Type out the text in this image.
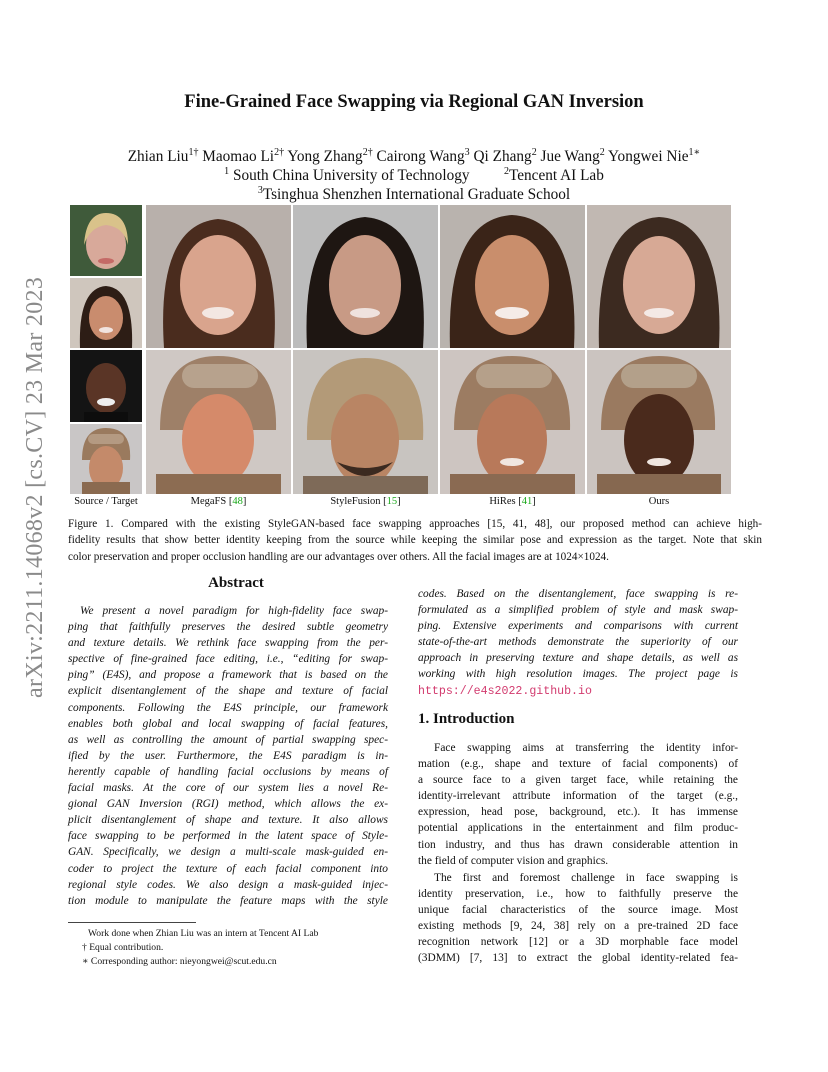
arXiv:2211.14068v2 [cs.CV] 23 Mar 2023
Fine-Grained Face Swapping via Regional GAN Inversion
Zhian Liu$^{1\dagger}$ Maomao $Li^{2\dagger}$ Yong Zhang$^{2\dagger}$ Cairong Wang$^3$ Qi Zhang$^2$ Jue Wang$^2$ Yongwei Nie$^{1∗}$
$^1$ South China University of Technology	$^2$Tencent AI Lab
$^3$Tsinghua Shenzhen International Graduate School
Source / Target	MegaFS [48]	StyleFusion [15]	HiRes [41]	Ours
Figure 1. Compared with the existing StyleGAN-based face swapping approaches [15, 41, 48], our proposed method can achieve high-
fidelity results that show better identity keeping from the source while keeping the similar pose and expression as the target. Note that skin
color preservation and proper occlusion handling are our advantages over others. All the facial images are at 1024×1024.
Abstract
We present a novel paradigm for high-fidelity face swap-
ping that faithfully preserves the desired subtle geometry
and texture details. We rethink face swapping from the per-
spective of fine-grained face editing, i.e., “editing for swap-
ping” (E4S), and propose a framework that is based on the
explicit disentanglement of the shape and texture of facial
components. Following the E4S principle, our framework
enables both global and local swapping of facial features,
as well as controlling the amount of partial swapping spec-
ified by the user. Furthermore, the E4S paradigm is in-
herently capable of handling facial occlusions by means of
facial masks. At the core of our system lies a novel Re-
gional GAN Inversion (RGI) method, which allows the ex-
plicit disentanglement of shape and texture. It also allows
face swapping to be performed in the latent space of Style-
GAN. Specifically, we design a multi-scale mask-guided en-
coder to project the texture of each facial component into
regional style codes. We also design a mask-guided injec-
tion module to manipulate the feature maps with the style
codes. Based on the disentanglement, face swapping is re-
formulated as a simplified problem of style and mask swap-
ping. Extensive experiments and comparisons with current
state-of-the-art methods demonstrate the superiority of our
approach in preserving texture and shape details, as well as
working with high resolution images. The project page is
https://e4s2022.github.io
1. Introduction
Face swapping aims at transferring the identity infor-
mation (e.g., shape and texture of facial components) of
a source face to a given target face, while retaining the
identity-irrelevant attribute information of the target (e.g.,
expression, head pose, background, etc.). It has immense
potential applications in the entertainment and film produc-
tion industry, and thus has drawn considerable attention in
the field of computer vision and graphics.
The first and foremost challenge in face swapping is
identity preservation, i.e., how to faithfully preserve the
unique facial characteristics of the source image. Most
existing methods [9, 24, 38] rely on a pre-trained 2D face
recognition network [12] or a 3D morphable face model
(3DMM) [7, 13] to extract the global identity-related fea-
Work done when Zhian Liu was an intern at Tencent AI Lab
† Equal contribution.
∗ Corresponding author: nieyongwei@scut.edu.cn
